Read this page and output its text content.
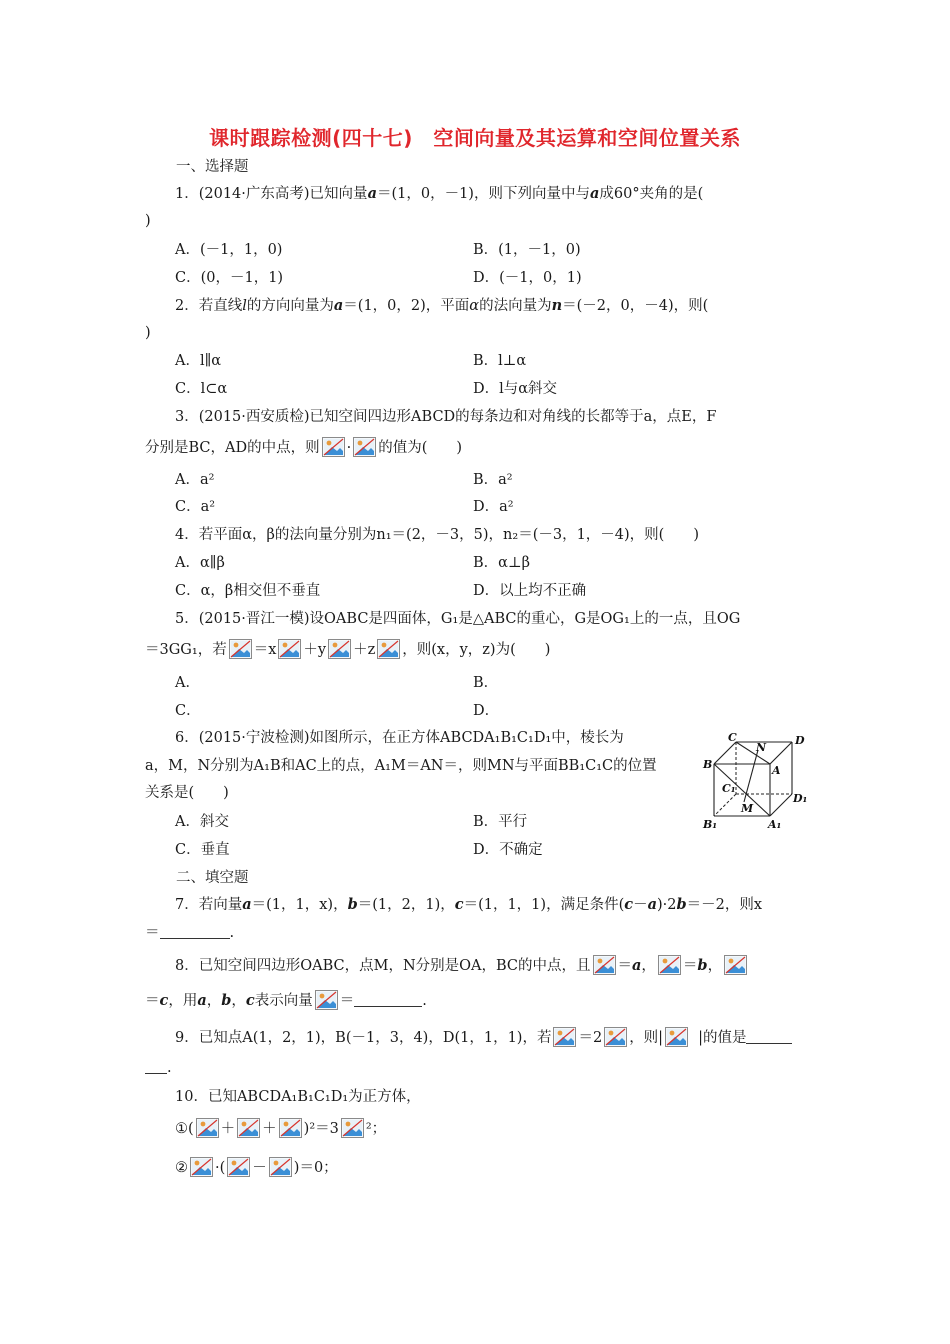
课时跟踪检测(四十七)　空间向量及其运算和空间位置关系
一、选择题
1．(2014·广东高考)已知向量a＝(1，0，－1)，则下列向量中与a成60°夹角的是(
)
A．(－1，1，0)	B．(1，－1，0)
C．(0，－1，1)	D．(－1，0，1)
2．若直线l的方向向量为a＝(1，0，2)，平面α的法向量为n＝(－2，0，－4)，则(
)
A．l∥α	B．l⊥α
C．l⊂α	D．l与α斜交
3．(2015·西安质检)已知空间四边形ABCD的每条边和对角线的长都等于a，点E，F
分别是BC，AD的中点，则 · 的值为(　　)
A．a²	B．a²
C．a²	D．a²
4．若平面α，β的法向量分别为n₁＝(2，－3，5)，n₂＝(－3，1，－4)，则(　　)
A．α∥β	B．α⊥β
C．α，β相交但不垂直	D．以上均不正确
5．(2015·晋江一模)设OABC是四面体，G₁是△ABC的重心，G是OG₁上的一点，且OG
＝3GG₁，若 ＝x ＋y ＋z ，则(x，y，z)为(　　)
A．	B．
C．	D．
6．(2015·宁波检测)如图所示，在正方体ABCDA₁B₁C₁D₁中，棱长为
a，M，N分别为A₁B和AC上的点，A₁M＝AN＝，则MN与平面BB₁C₁C的位置
关系是(　　)
A．斜交	B．平行
C．垂直	D．不确定
C
N
D
B	A
C₁
M
D₁
B₁	A₁
二、填空题
7．若向量a＝(1，1，x)，b＝(1，2，1)，c＝(1，1，1)，满足条件(c－a)·2b＝－2，则x
＝	.
8．已知空间四边形OABC，点M，N分别是OA，BC的中点，且 ＝a， ＝b，
＝c，用a，b，c表示向量 ＝	.
9．已知点A(1，2，1)，B(－1，3，4)，D(1，1，1)，若 ＝2 ，则| |的值是
.
10．已知ABCDA₁B₁C₁D₁为正方体，
①( ＋ ＋ )²＝3 ²；
② ·( － )＝0；
